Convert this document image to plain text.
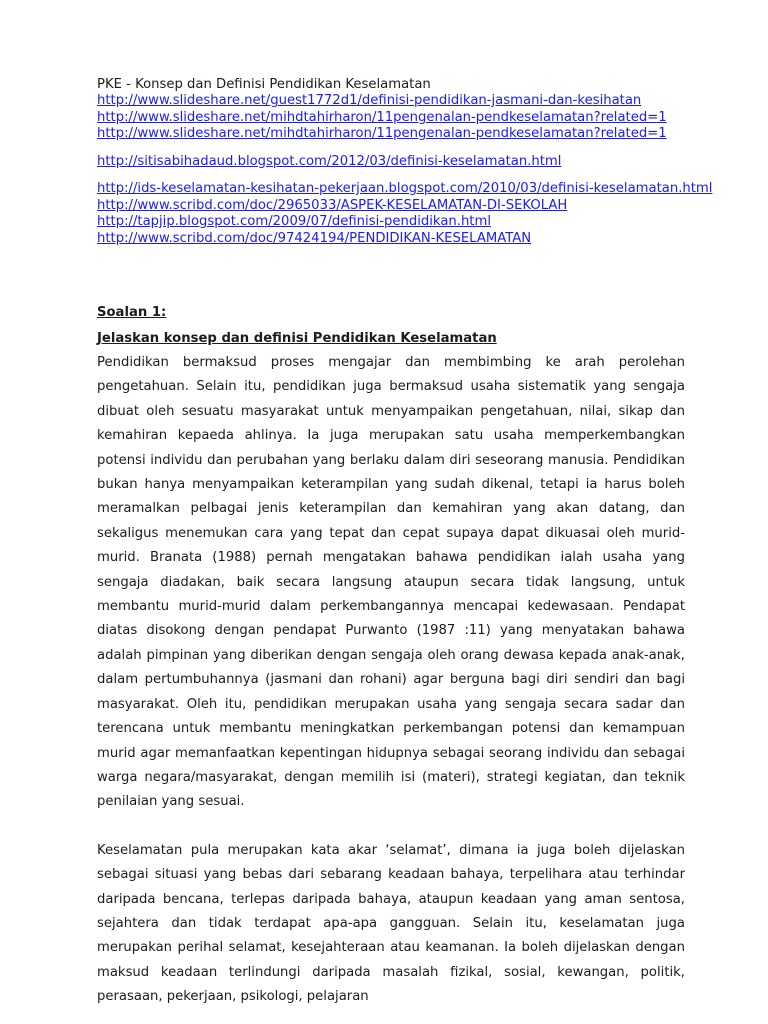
PKE - Konsep dan Definisi Pendidikan Keselamatan
http://www.slideshare.net/guest1772d1/definisi-pendidikan-jasmani-dan-kesihatan
http://www.slideshare.net/mihdtahirharon/11pengenalan-pendkeselamatan?related=1
http://www.slideshare.net/mihdtahirharon/11pengenalan-pendkeselamatan?related=1
http://sitisabihadaud.blogspot.com/2012/03/definisi-keselamatan.html
http://ids-keselamatan-kesihatan-pekerjaan.blogspot.com/2010/03/definisi-keselamatan.html
http://www.scribd.com/doc/2965033/ASPEK-KESELAMATAN-DI-SEKOLAH
http://tapjip.blogspot.com/2009/07/definisi-pendidikan.html
http://www.scribd.com/doc/97424194/PENDIDIKAN-KESELAMATAN
Soalan 1:
Jelaskan konsep dan definisi Pendidikan Keselamatan

Pendidikan bermaksud proses mengajar dan membimbing ke arah perolehan pengetahuan. Selain itu, pendidikan juga bermaksud usaha sistematik yang sengaja dibuat oleh sesuatu masyarakat untuk menyampaikan pengetahuan, nilai, sikap dan kemahiran kepaeda ahlinya. Ia juga merupakan satu usaha memperkembangkan potensi individu dan perubahan yang berlaku dalam diri seseorang manusia. Pendidikan bukan hanya menyampaikan keterampilan yang sudah dikenal, tetapi ia harus boleh meramalkan pelbagai jenis keterampilan dan kemahiran yang akan datang, dan sekaligus menemukan cara yang tepat dan cepat supaya dapat dikuasai oleh murid-murid. Branata (1988) pernah mengatakan bahawa pendidikan ialah usaha yang sengaja diadakan, baik secara langsung ataupun secara tidak langsung, untuk membantu murid-murid dalam perkembangannya mencapai kedewasaan. Pendapat diatas disokong dengan pendapat Purwanto (1987 :11) yang menyatakan bahawa adalah pimpinan yang diberikan dengan sengaja oleh orang dewasa kepada anak-anak, dalam pertumbuhannya (jasmani dan rohani) agar berguna bagi diri sendiri dan bagi masyarakat. Oleh itu, pendidikan merupakan usaha yang sengaja secara sadar dan terencana untuk membantu meningkatkan perkembangan potensi dan kemampuan murid agar memanfaatkan kepentingan hidupnya sebagai seorang individu dan sebagai warga negara/masyarakat, dengan memilih isi (materi), strategi kegiatan, dan teknik penilaian yang sesuai.

Keselamatan pula merupakan kata akar ‘selamat’, dimana ia juga boleh dijelaskan sebagai situasi yang bebas dari sebarang keadaan bahaya, terpelihara atau terhindar daripada bencana, terlepas daripada bahaya, ataupun keadaan yang aman sentosa, sejahtera dan tidak terdapat apa-apa gangguan. Selain itu, keselamatan juga merupakan perihal selamat, kesejahteraan atau keamanan. Ia boleh dijelaskan dengan maksud keadaan terlindungi daripada masalah fizikal, sosial, kewangan, politik, perasaan, pekerjaan, psikologi, pelajaran
